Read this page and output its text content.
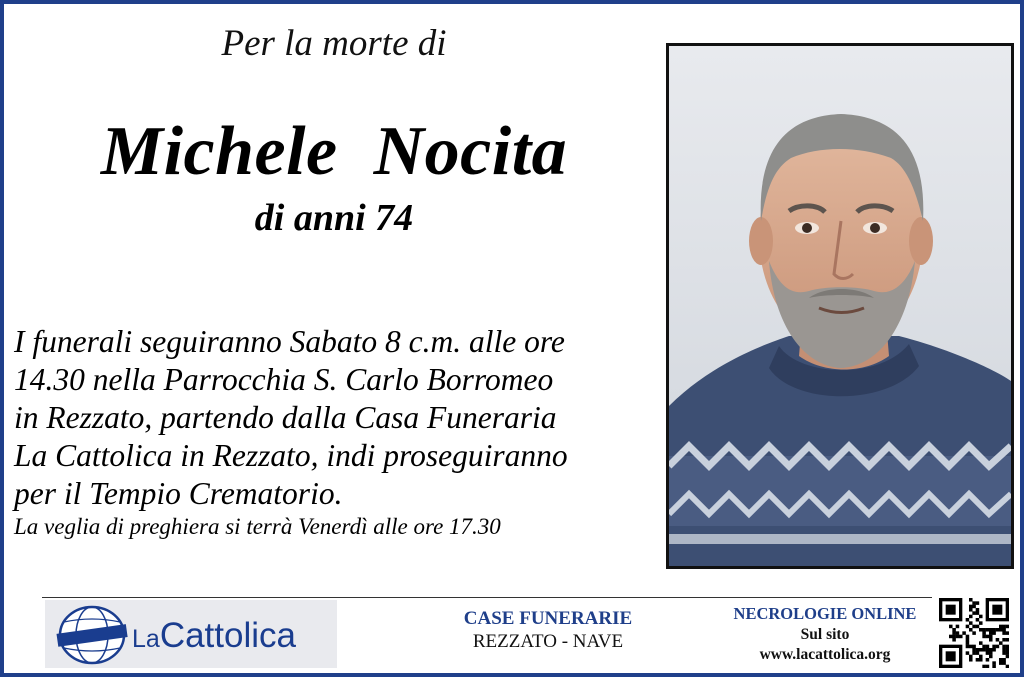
Per la morte di
Michele Nocita
di anni 74
I funerali seguiranno Sabato 8 c.m. alle ore
14.30 nella Parrocchia S. Carlo Borromeo
in Rezzato, partendo dalla Casa Funeraria
La Cattolica in Rezzato, indi proseguiranno
per il Tempio Crematorio.
La veglia di preghiera si terrà Venerdì alle ore 17.30
LaCattolica	CASE FUNERARIE
REZZATO - NAVE
NECROLOGIE ONLINE
Sul sito
www.lacattolica.org
